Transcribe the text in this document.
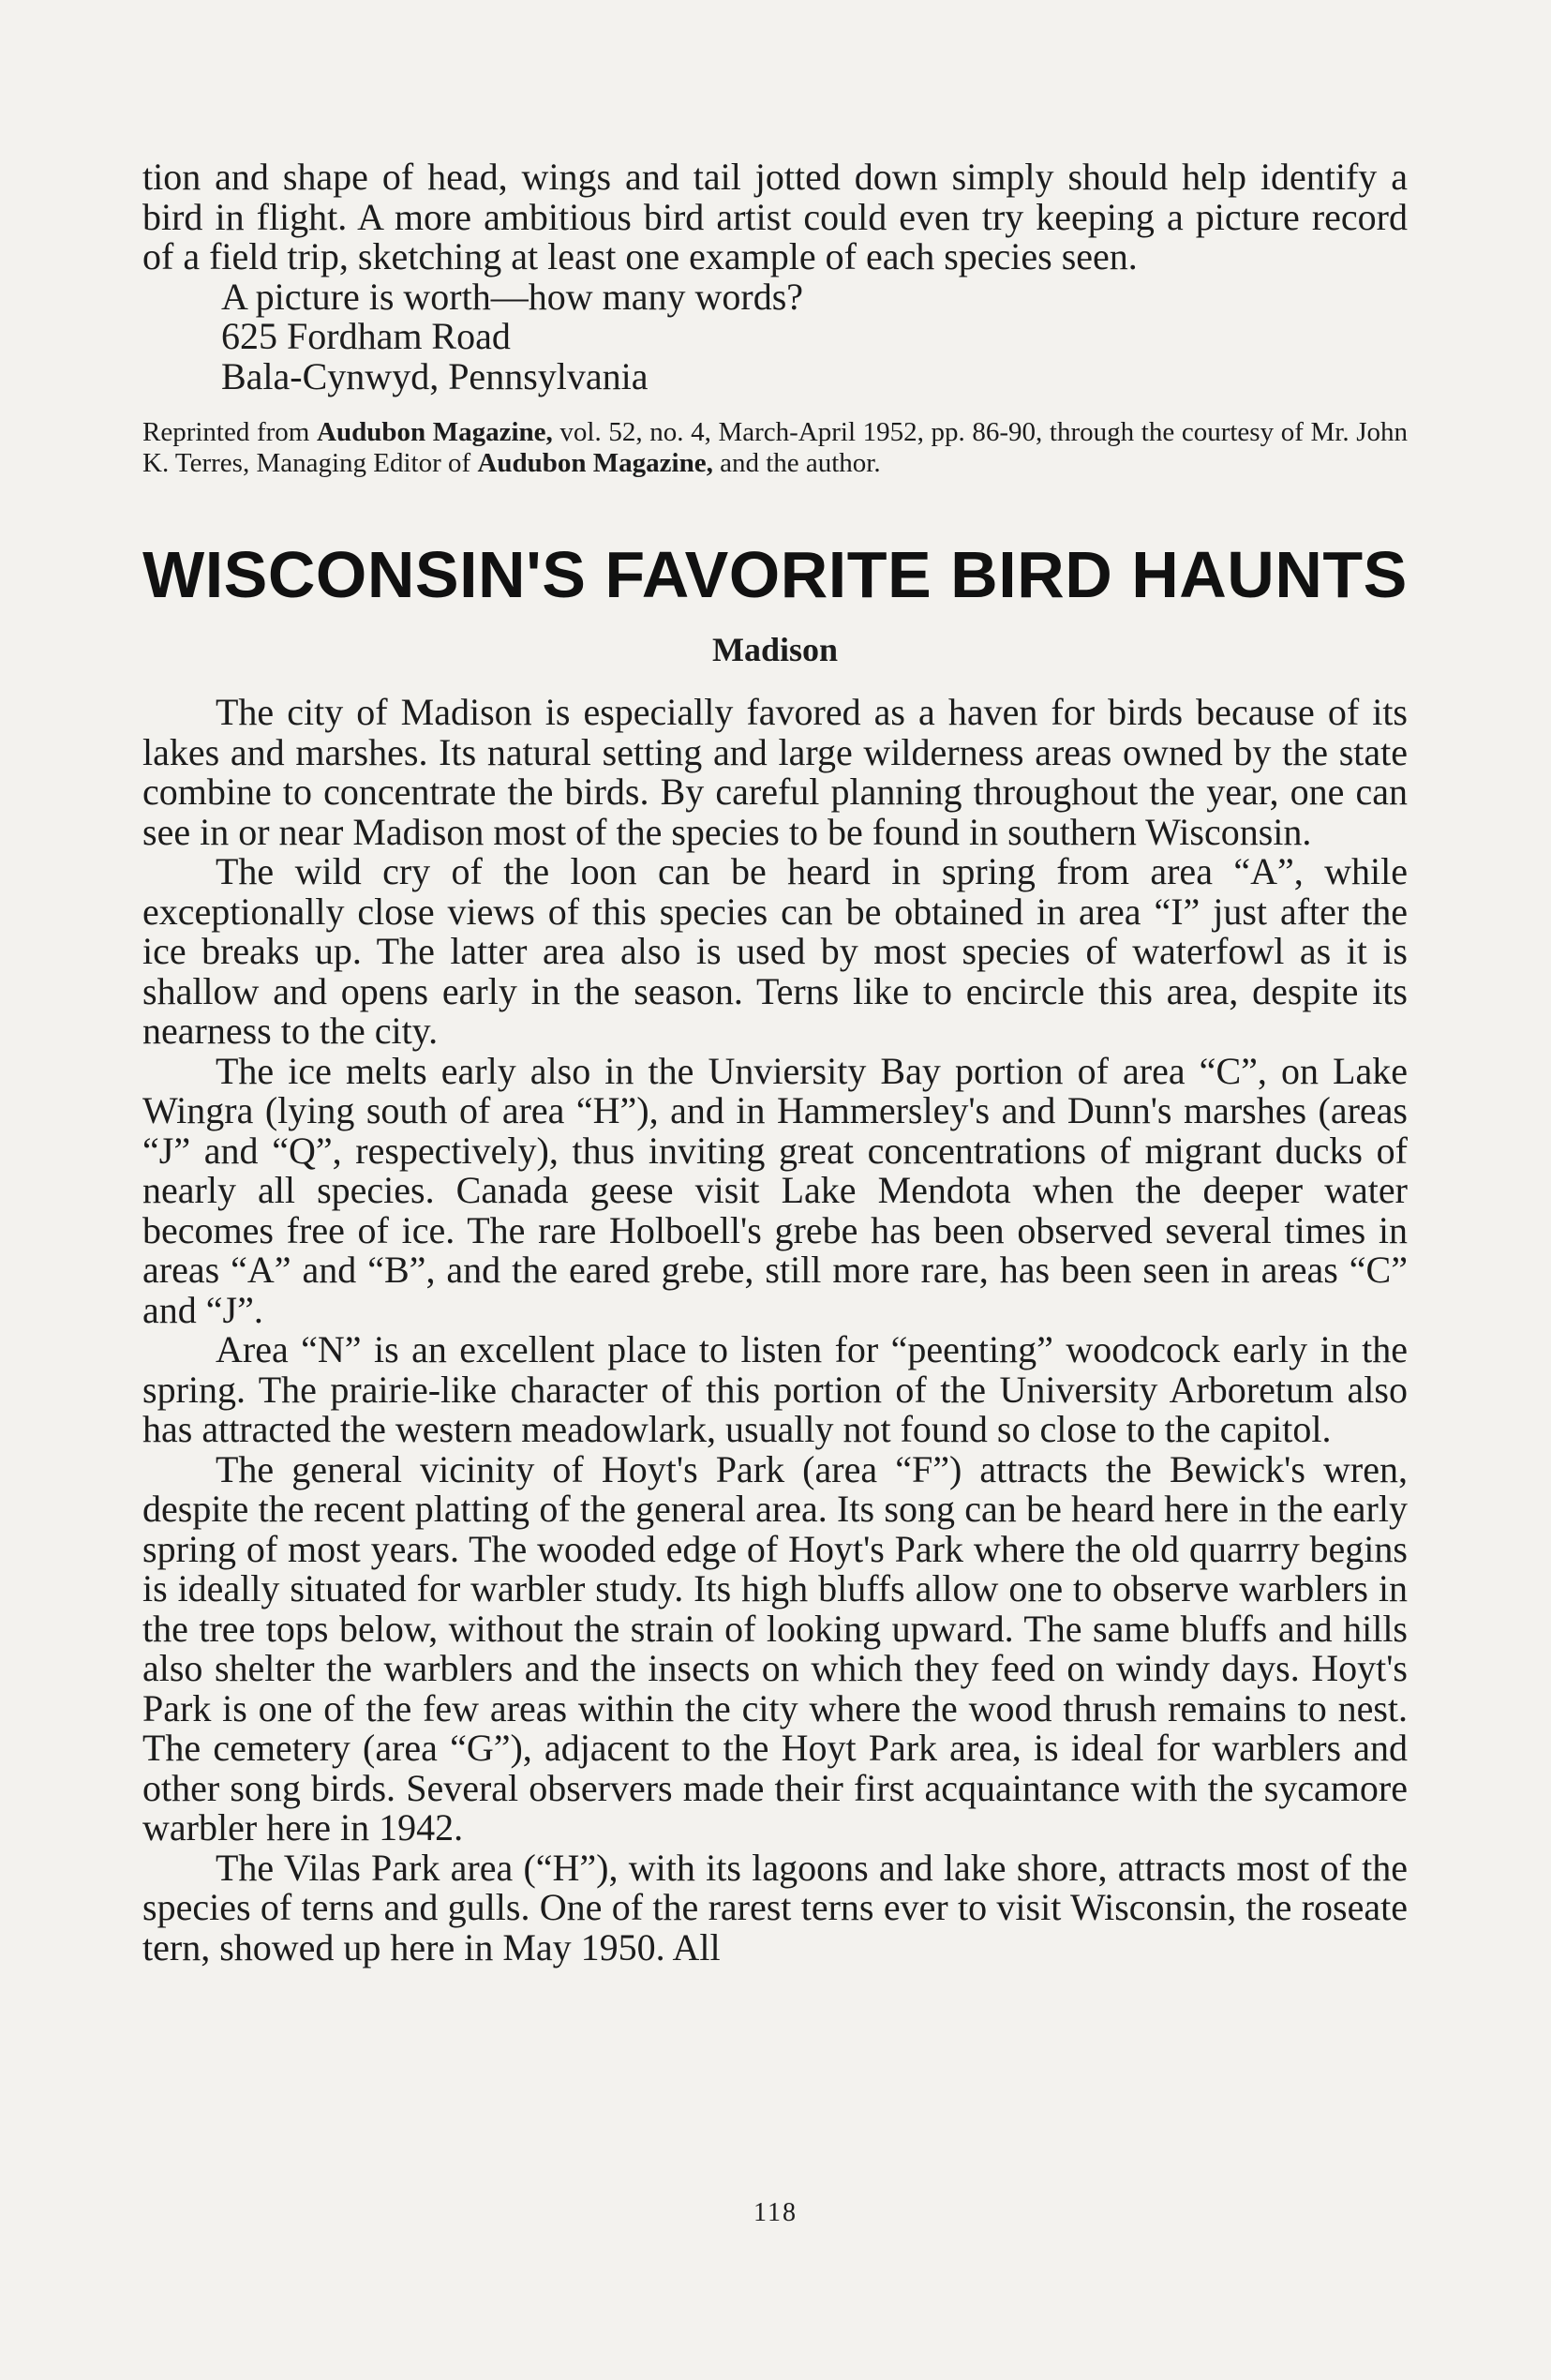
tion and shape of head, wings and tail jotted down simply should help identify a bird in flight. A more ambitious bird artist could even try keeping a picture record of a field trip, sketching at least one example of each species seen.

A picture is worth—how many words?

625 Fordham Road

Bala-Cynwyd, Pennsylvania

Reprinted from Audubon Magazine, vol. 52, no. 4, March-April 1952, pp. 86-90, through the courtesy of Mr. John K. Terres, Managing Editor of Audubon Magazine, and the author.

WISCONSIN'S FAVORITE BIRD HAUNTS
Madison

The city of Madison is especially favored as a haven for birds because of its lakes and marshes. Its natural setting and large wilderness areas owned by the state combine to concentrate the birds. By careful planning throughout the year, one can see in or near Madison most of the species to be found in southern Wisconsin.

The wild cry of the loon can be heard in spring from area “A”, while exceptionally close views of this species can be obtained in area “I” just after the ice breaks up. The latter area also is used by most species of waterfowl as it is shallow and opens early in the season. Terns like to encircle this area, despite its nearness to the city.

The ice melts early also in the Unviersity Bay portion of area “C”, on Lake Wingra (lying south of area “H”), and in Hammersley's and Dunn's marshes (areas “J” and “Q”, respectively), thus inviting great concentrations of migrant ducks of nearly all species. Canada geese visit Lake Mendota when the deeper water becomes free of ice. The rare Holboell's grebe has been observed several times in areas “A” and “B”, and the eared grebe, still more rare, has been seen in areas “C” and “J”.

Area “N” is an excellent place to listen for “peenting” woodcock early in the spring. The prairie-like character of this portion of the University Arboretum also has attracted the western meadowlark, usually not found so close to the capitol.

The general vicinity of Hoyt's Park (area “F”) attracts the Bewick's wren, despite the recent platting of the general area. Its song can be heard here in the early spring of most years. The wooded edge of Hoyt's Park where the old quarrry begins is ideally situated for warbler study. Its high bluffs allow one to observe warblers in the tree tops below, without the strain of looking upward. The same bluffs and hills also shelter the warblers and the insects on which they feed on windy days. Hoyt's Park is one of the few areas within the city where the wood thrush remains to nest. The cemetery (area “G”), adjacent to the Hoyt Park area, is ideal for warblers and other song birds. Several observers made their first acquaintance with the sycamore warbler here in 1942.

The Vilas Park area (“H”), with its lagoons and lake shore, attracts most of the species of terns and gulls. One of the rarest terns ever to visit Wisconsin, the roseate tern, showed up here in May 1950. All

118
